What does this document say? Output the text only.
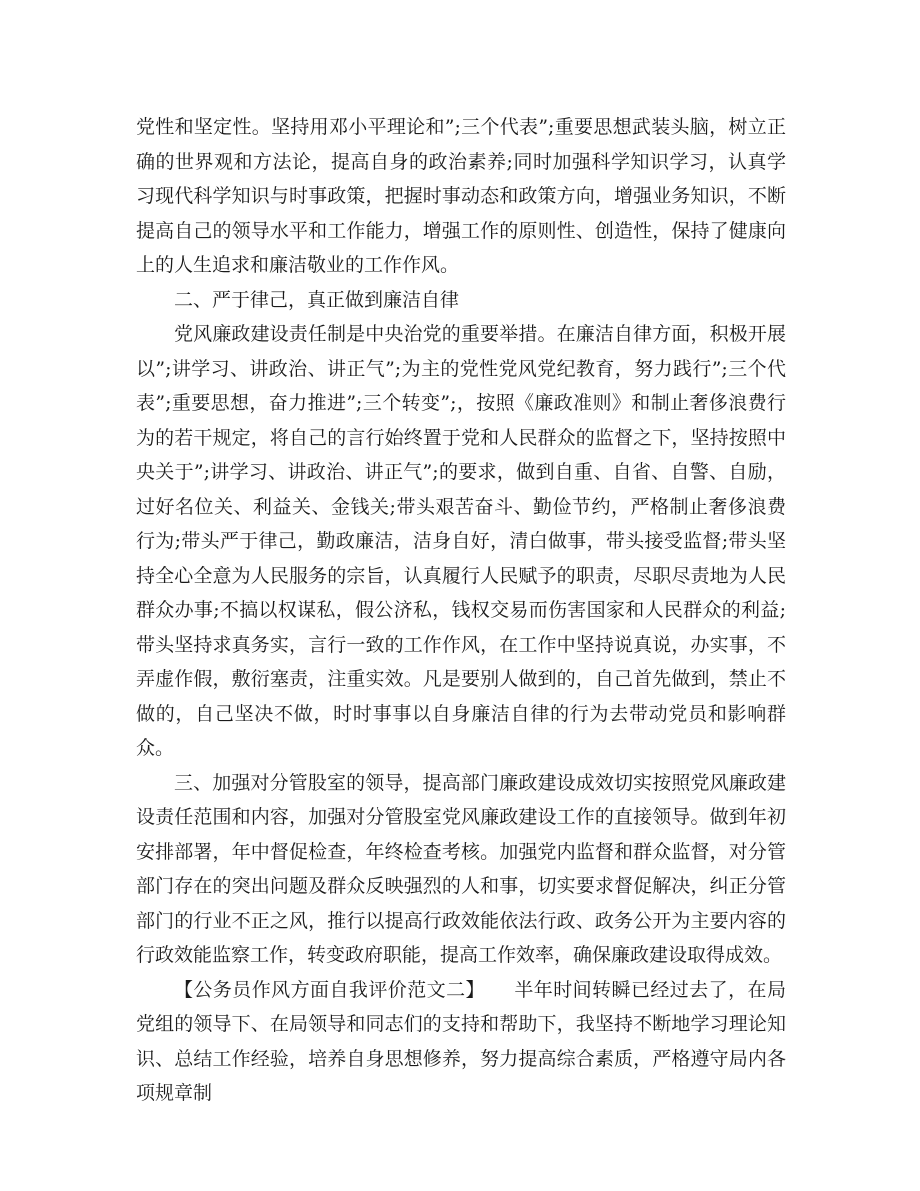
党性和坚定性。坚持用邓小平理论和”;三个代表”;重要思想武装头脑，树立正确的世界观和方法论，提高自身的政治素养;同时加强科学知识学习，认真学习现代科学知识与时事政策，把握时事动态和政策方向，增强业务知识，不断提高自己的领导水平和工作能力，增强工作的原则性、创造性，保持了健康向上的人生追求和廉洁敬业的工作作风。

二、严于律己，真正做到廉洁自律

党风廉政建设责任制是中央治党的重要举措。在廉洁自律方面，积极开展以”;讲学习、讲政治、讲正气”;为主的党性党风党纪教育，努力践行”;三个代表”;重要思想，奋力推进”;三个转变”;，按照《廉政准则》和制止奢侈浪费行为的若干规定，将自己的言行始终置于党和人民群众的监督之下，坚持按照中央关于”;讲学习、讲政治、讲正气”;的要求，做到自重、自省、自警、自励，过好名位关、利益关、金钱关;带头艰苦奋斗、勤俭节约，严格制止奢侈浪费行为;带头严于律己，勤政廉洁，洁身自好，清白做事，带头接受监督;带头坚持全心全意为人民服务的宗旨，认真履行人民赋予的职责，尽职尽责地为人民群众办事;不搞以权谋私，假公济私，钱权交易而伤害国家和人民群众的利益;带头坚持求真务实，言行一致的工作作风，在工作中坚持说真说，办实事，不弄虚作假，敷衍塞责，注重实效。凡是要别人做到的，自己首先做到，禁止不做的，自己坚决不做，时时事事以自身廉洁自律的行为去带动党员和影响群众。

三、加强对分管股室的领导，提高部门廉政建设成效切实按照党风廉政建设责任范围和内容，加强对分管股室党风廉政建设工作的直接领导。做到年初安排部署，年中督促检查，年终检查考核。加强党内监督和群众监督，对分管部门存在的突出问题及群众反映强烈的人和事，切实要求督促解决，纠正分管部门的行业不正之风，推行以提高行政效能依法行政、政务公开为主要内容的行政效能监察工作，转变政府职能，提高工作效率，确保廉政建设取得成效。

【公务员作风方面自我评价范文二】　　半年时间转瞬已经过去了，在局党组的领导下、在局领导和同志们的支持和帮助下，我坚持不断地学习理论知识、总结工作经验，培养自身思想修养，努力提高综合素质，严格遵守局内各项规章制
